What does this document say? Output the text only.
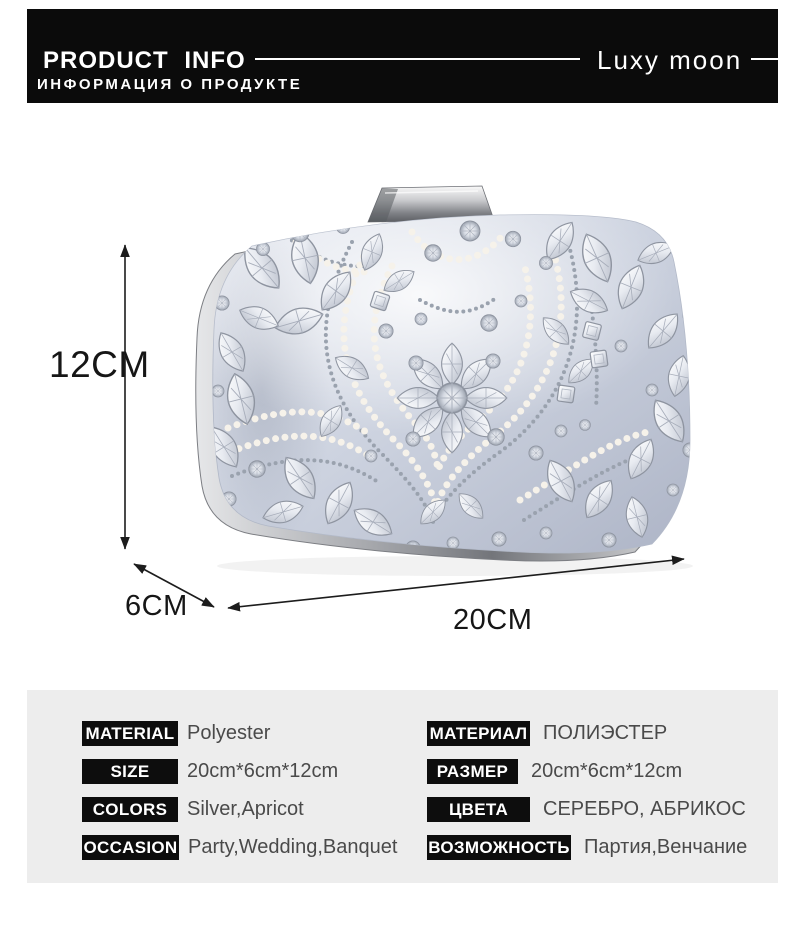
PRODUCT INFO
ИНФОРМАЦИЯ О ПРОДУКТЕ
Luxy moon
12CM
6CM	20CM
MATERIAL Polyester
SIZE	20cm*6cm*12cm
COLORS Silver,Apricot
OCCASION Party,Wedding,Banquet
МАТЕРИАЛ ПОЛИЭСТЕР
РАЗМЕР	20cm*6cm*12cm
ЦВЕТА	СЕРЕБРО, АБРИКОС
ВОЗМОЖНОСТЬ Партия,Венчание
